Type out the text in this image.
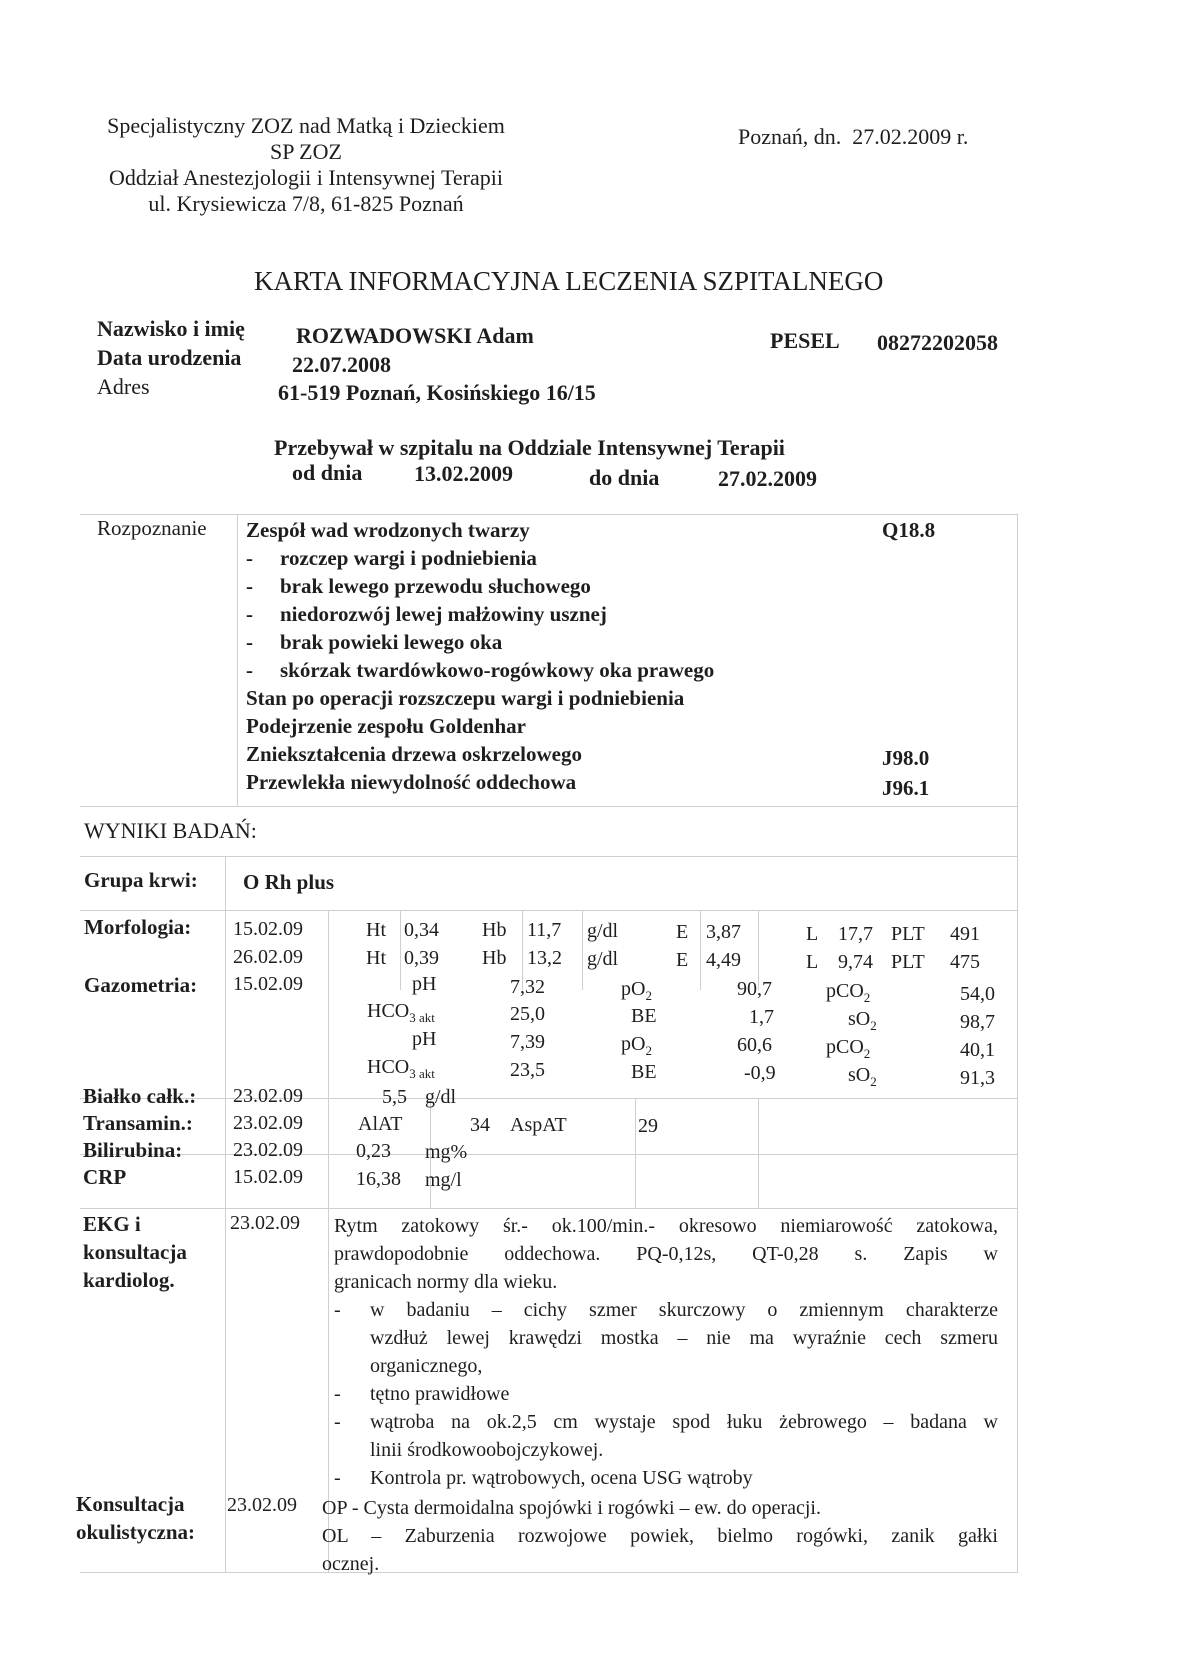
Specjalistyczny ZOZ nad Matką i Dzieckiem
SP ZOZ
Oddział Anestezjologii i Intensywnej Terapii
ul. Krysiewicza 7/8, 61-825 Poznań
Poznań, dn.  27.02.2009 r.
KARTA INFORMACYJNA LECZENIA SZPITALNEGO
Nazwisko i imię ROZWADOWSKI Adam	PESEL 08272202058
Data urodzenia 22.07.2008
Adres	61-519 Poznań, Kosińskiego 16/15
Przebywał w szpitalu na Oddziale Intensywnej Terapii
od dnia 13.02.2009	do dnia	27.02.2009
Rozpoznanie Zespół wad wrodzonych twarzy	Q18.8
- rozczep wargi i podniebienia
- brak lewego przewodu słuchowego
- niedorozwój lewej małżowiny usznej
- brak powieki lewego oka
- skórzak twardówkowo-rogówkowy oka prawego
Stan po operacji rozszczepu wargi i podniebienia
Podejrzenie zespołu Goldenhar
Zniekształcenia drzewa oskrzelowego	J98.0
Przewlekła niewydolność oddechowa	J96.1
WYNIKI BADAŃ:
Grupa krwi: O Rh plus
Morfologia: 15.02.09	Ht 0,34 Hb 11,7 g/dl	E 3,87	L 17,7 PLT 491
26.02.09	Ht 0,39 Hb 13,2 g/dl	E 4,49	L 9,74 PLT 475
Gazometria: 15.02.09	pH	7,32	$pO_2$	90,7	pCO$_2$	54,0
$HCO_{3 akt}$	25,0	BE	1,7	$sO_2$	98,7
pH	7,39	$pO_2$	60,6	pCO$_2$	40,1
$HCO_{3 akt}$	23,5	BE	-0,9	$sO_2$	91,3
Białko całk.: 23.02.09	5,5 g/dl
Transamin.: 23.02.09	AlAT	34 AspAT	29
Bilirubina:	23.02.09	0,23 mg%
CRP	15.02.09	16,38 mg/l
EKG i
konsultacja
kardiolog.
23.02.09 Rytm zatokowy śr.- ok.100/min.- okresowo niemiarowość zatokowa,
prawdopodobnie oddechowa. PQ-0,12s, QT-0,28 s. Zapis w
granicach normy dla wieku.
-	w badaniu – cichy szmer skurczowy o zmiennym charakterze
wzdłuż lewej krawędzi mostka – nie ma wyraźnie cech szmeru
organicznego,
-	tętno prawidłowe
-	wątroba na ok.2,5 cm wystaje spod łuku żebrowego – badana w
linii środkowoobojczykowej.
-	Kontrola pr. wątrobowych, ocena USG wątroby
Konsultacja
okulistyczna:
23.02.09 OP - Cysta dermoidalna spojówki i rogówki – ew. do operacji.
OL – Zaburzenia rozwojowe powiek, bielmo rogówki, zanik gałki
ocznej.
